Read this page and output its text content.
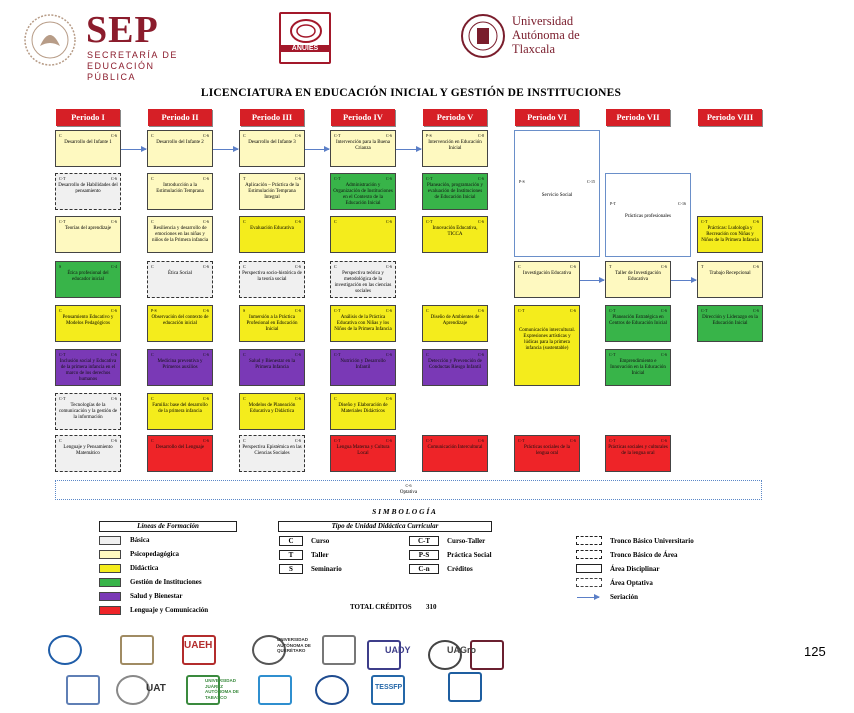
SEP
SECRETARÍA DE
EDUCACIÓN PÚBLICA
ANUIES
Universidad
Autónoma de
Tlaxcala
LICENCIATURA EN EDUCACIÓN INICIAL Y GESTIÓN DE INSTITUCIONES
C	C-6
Desarrollo del Infante 1
C-T	C-6
Desarrollo de Habilidades del pensamiento
C-T	C-6
Teorías del aprendizaje
S	C-4
Ética profesional del educador inicial
C	C-6
Pensamiento Educativo y Modelos Pedagógicos
C-T	C-6
Inclusión social y Educativa de la primera infancia en el marco de los derechos humanos
C-T	C-6
Tecnologías de la comunicación y la gestión de la información
C	C-6
Lenguaje y Pensamiento Matemático
C	C-6
Desarrollo del Infante 2
C	C-6
Introducción a la Estimulación Temprana
C	C-6
Resiliencia y desarrollo de emociones en las niñas y niños de la Primera infancia
C	C-6
Ética Social
P-S	C-6
Observación del contexto de educación inicial
C	C-6
Medicina preventiva y Primeros auxilios
C	C-6
Familia: base del desarrollo de la primera infancia
C	C-6
Desarrollo del Lenguaje
C	C-6
Desarrollo del Infante 3
T	C-6
Aplicación – Práctica de la Estimulación Temprana Integral
C	C-6
Evaluación Educativa
C	C-6
Perspectiva socio-histórica de la teoría social
S	C-6
Inmersión a la Práctica Profesional en Educación Inicial
C	C-6
Salud y Bienestar en la Primera Infancia
C	C-6
Modelos de Planeación Educativa y Didáctica
C	C-6
Perspectiva Epistémica en las Ciencias Sociales
C-T	C-6
Intervención para la Buena Crianza
C-T	C-6
Administración y Organización de Instituciones en el Contexto de la Educación Inicial
C	C-6
C	C-6
Perspectiva teórica y metodológica de la investigación en las ciencias sociales
C-T	C-6
Análisis de la Práctica Educativa con Niñas y los Niños de la Primera Infancia
C-T	C-6
Nutrición y Desarrollo Infantil
C	C-6
Diseño y Elaboración de Materiales Didácticos
C-T	C-6
Lengua Materna y Cultura Local
P-S	C-8
Intervención en Educación Inicial
C-T	C-6
Planeación, programación y evaluación de Instituciones de Educación Inicial
C-T	C-6
Innovación Educativa, TICCA
C	C-6
Diseño de Ambientes de Aprendizaje
C	C-6
Detección y Prevención de Conductas Riesgo Infantil
C-T	C-6
Comunicación Intercultural
C	C-6
Investigación Educativa
C-T	C-6
Comunicación intercultural. Expresiones artísticas y lúdicas para la primera infancia (sustentable)
C-T	C-6
Prácticas sociales de la lengua oral
T	C-6
Taller de Investigación Educativa
C-T	C-6
Planeación Estratégica en Centros de Educación Inicial
C-T	C-6
Emprendimiento e Innovación en la Educación Inicial
C-T	C-6
Prácticas sociales y culturales de la lengua oral
C-T	C-6
Prácticas: Ludología y Recreación con Niñas y Niños de la Primera Infancia
T	C-6
Trabajo Recepcional
C-T	C-6
Dirección y Liderazgo en la Educación Inicial
Periodo I	Periodo II	Periodo III	Periodo IV	Periodo V	Periodo VI	Periodo VII	Periodo VIII
P-S	C-15
Servicio Social
P-T	C-16
Prácticas profesionales
C-6
Optativa
S I M B O L O G Í A
Líneas de Formación
Básica
Psicopedagógica
Didáctica
Gestión de Instituciones
Salud y Bienestar
Lenguaje y Comunicación
Tipo de Unidad Didáctica Curricular
C	Curso
T	Taller
S	Seminario
C-T	Curso-Taller
P-S	Práctica Social
C-n	Créditos
TOTAL CRÉDITOS 310
Tronco Básico Universitario
Tronco Básico de Área
Área Disciplinar
Área Optativa
Seriación
UAEH
UNIVERSIDAD AUTÓNOMA DE QUERÉTARO	UADY	UAGro
UAT
UNIVERSIDAD JUÁREZ AUTÓNOMA DE TABASCO
TESSFP
125
